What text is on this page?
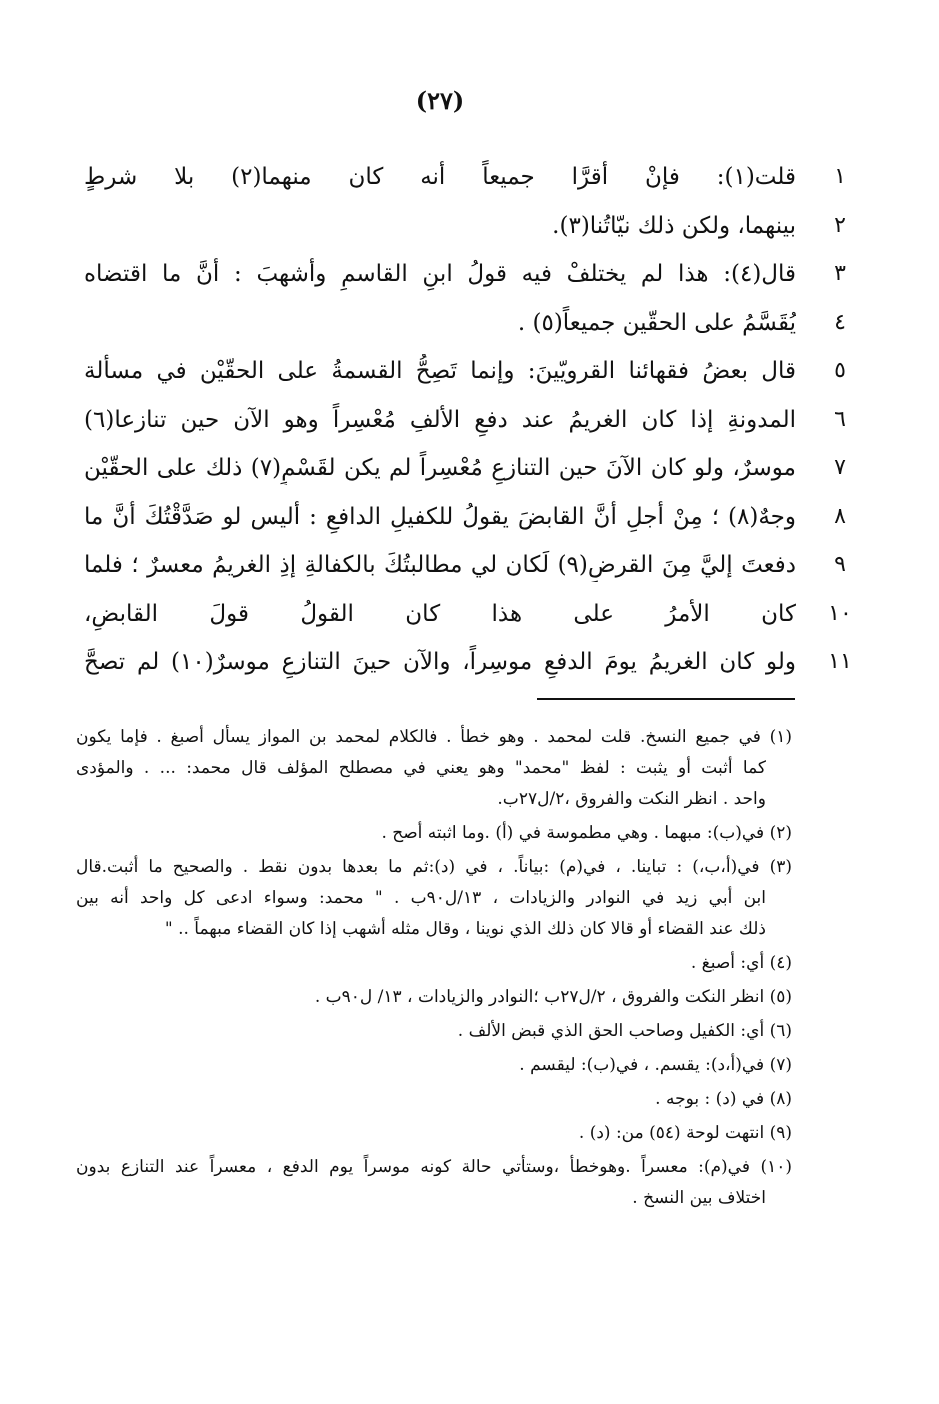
(٢٧)
١
قلت(١): فإنْ أقرَّا جميعاً أنه كان منهما(٢) بلا شرطٍ
٢
بينهما، ولكن ذلك نيّاتُنا(٣).
٣
قال(٤): هذا لم يختلفْ فيه قولُ ابنِ القاسمِ وأشهبَ : أنَّ ما اقتضاه
٤
يُقَسَّمُ على الحقّين جميعاً(٥) .
٥
قال بعضُ فقهائنا القرويّينَ: وإنما تَصِحُّ القسمةُ على الحقّيْن في مسألة
٦
المدونةِ إذا كان الغريمُ عند دفعِ الألفِ مُعْسِراً وهو الآن حين تنازعا(٦)
٧
موسرٌ، ولو كان الآنَ حين التنازعِ مُعْسِراً لم يكن لقَسْمٍ(٧) ذلك على الحقّيْن
٨
وجهٌ(٨) ؛ مِنْ أجلِ أنَّ القابضَ يقولُ للكفيلِ الدافعِ : أليس لو صَدَّقْتُكَ أنَّ ما
٩
دفعتَ إليَّ مِنَ القرضِ(٩) لَكان لي مطالبتُكَ بالكفالةِ إذِ الغريمُ معسرٌ ؛ فلما
١٠
كان الأمرُ على هذا كان القولُ قولَ القابضِ،
١١
ولو كان الغريمُ يومَ الدفعِ موسِراً، والآن حينَ التنازعِ موسرٌ(١٠) لم تصحَّ
(١) في جميع النسخ. قلت لمحمد . وهو خطأ . فالكلام لمحمد بن المواز يسأل أصبغ . فإما يكون
كما أثبت أو يثبت : لفظ "محمد" وهو يعني في مصطلح المؤلف قال محمد: ... . والمؤدى
واحد . انظر النكت والفروق ،٢/ل٢٧ب.
(٢) في(ب): مبهما . وهي مطموسة في (أ) .وما اثبته أصح .
(٣) في(أ،ب،) : تباينا. ، في(م) :بياناً. ، في (د):ثم ما بعدها بدون نقط . والصحيح ما أثبت.قال
ابن أبي زيد في النوادر والزيادات ، ١٣/ل٩٠ب . " محمد: وسواء ادعى كل واحد أنه بين
ذلك عند القضاء أو قالا كان ذلك الذي نوينا ، وقال مثله أشهب إذا كان القضاء مبهماً .. "
(٤) أي: أصبغ .
(٥) انظر النكت والفروق ، ٢/ل٢٧ب ؛النوادر والزيادات ، ١٣/ ل٩٠ب .
(٦) أي: الكفيل وصاحب الحق الذي قبض الألف .
(٧) في(أ،د): يقسم. ، في(ب): ليقسم .
(٨) في (د) : بوجه .
(٩) انتهت لوحة (٥٤) من: (د) .
(١٠) في(م): معسراً .وهوخطأ ،وستأتي حالة كونه موسراً يوم الدفع ، معسراً عند التنازع بدون
اختلاف بين النسخ .
